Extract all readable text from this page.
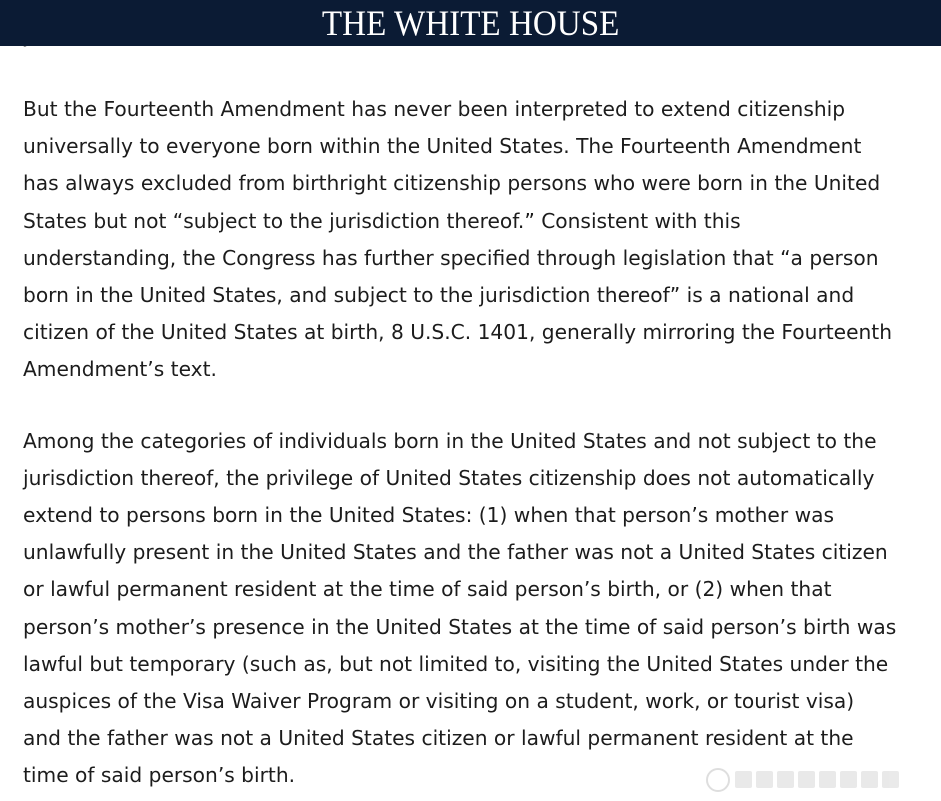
THE WHITE HOUSE

But the Fourteenth Amendment has never been interpreted to extend citizenship
universally to everyone born within the United States. The Fourteenth Amendment
has always excluded from birthright citizenship persons who were born in the United
States but not “subject to the jurisdiction thereof.” Consistent with this
understanding, the Congress has further specified through legislation that “a person
born in the United States, and subject to the jurisdiction thereof” is a national and
citizen of the United States at birth, 8 U.S.C. 1401, generally mirroring the Fourteenth
Amendment’s text.

Among the categories of individuals born in the United States and not subject to the
jurisdiction thereof, the privilege of United States citizenship does not automatically
extend to persons born in the United States: (1) when that person’s mother was
unlawfully present in the United States and the father was not a United States citizen
or lawful permanent resident at the time of said person’s birth, or (2) when that
person’s mother’s presence in the United States at the time of said person’s birth was
lawful but temporary (such as, but not limited to, visiting the United States under the
auspices of the Visa Waiver Program or visiting on a student, work, or tourist visa)
and the father was not a United States citizen or lawful permanent resident at the
time of said person’s birth.
